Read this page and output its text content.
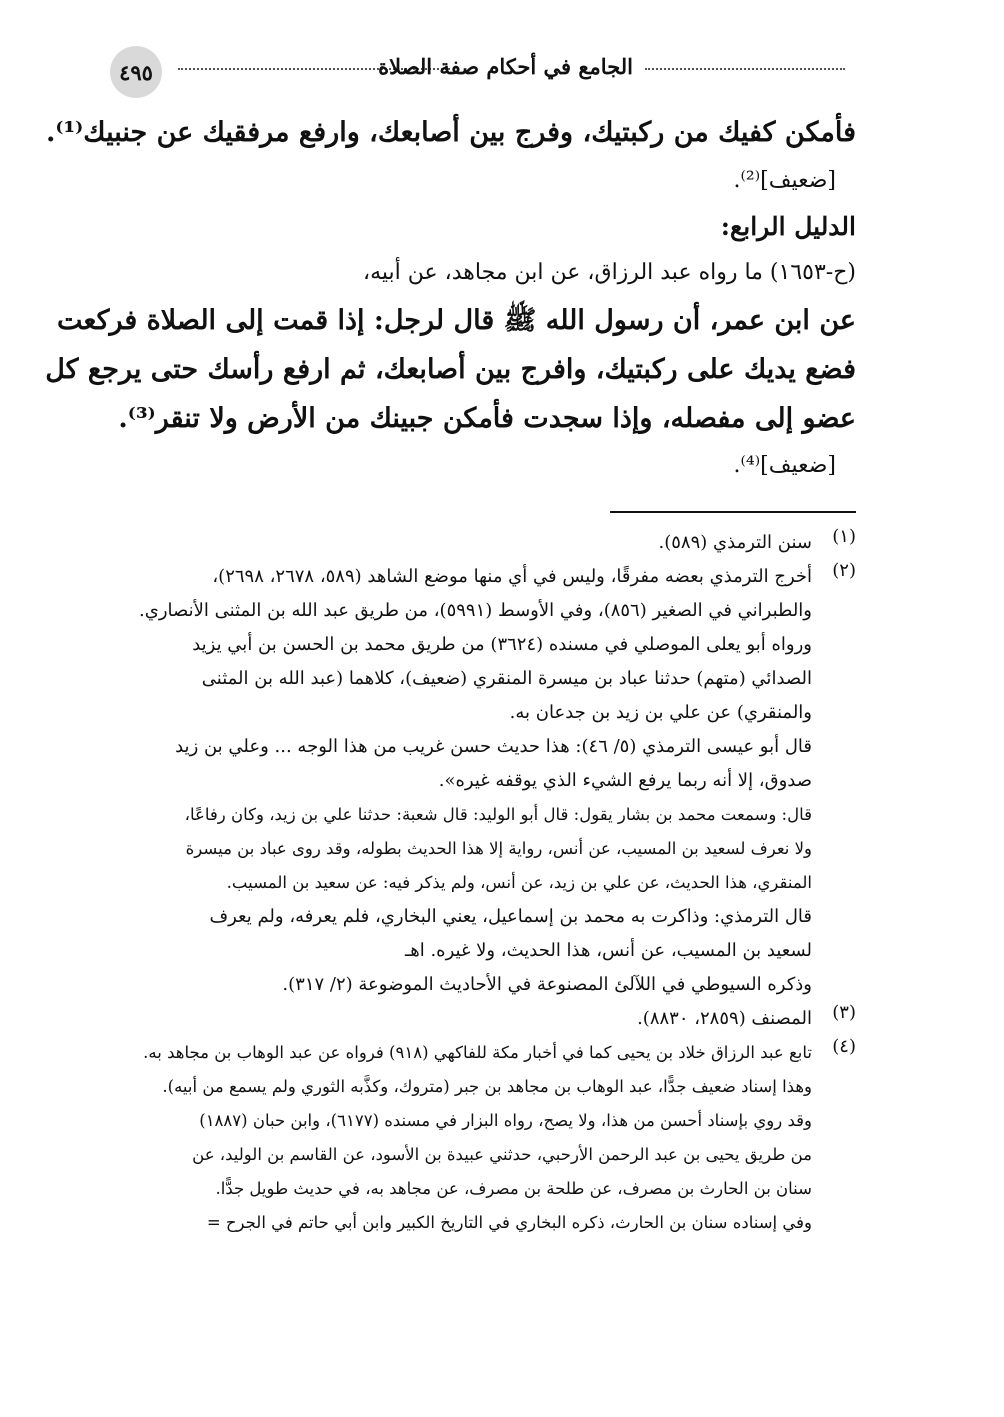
٤٩٥	الجامع في أحكام صفة الصلاة
فأمكن كفيك من ركبتيك، وفرج بين أصابعك، وارفع مرفقيك عن جنبيك⁽¹⁾.
[ضعيف]⁽²⁾.
الدليل الرابع:
(ح-١٦٥٣) ما رواه عبد الرزاق، عن ابن مجاهد، عن أبيه،
عن ابن عمر، أن رسول الله ﷺ قال لرجل: إذا قمت إلى الصلاة فركعت
فضع يديك على ركبتيك، وافرج بين أصابعك، ثم ارفع رأسك حتى يرجع كل
عضو إلى مفصله، وإذا سجدت فأمكن جبينك من الأرض ولا تنقر⁽³⁾.
[ضعيف]⁽⁴⁾.
(١)
سنن الترمذي (٥٨٩).
(٢)
أخرج الترمذي بعضه مفرقًا، وليس في أي منها موضع الشاهد (٥٨٩، ٢٦٧٨، ٢٦٩٨)،
والطبراني في الصغير (٨٥٦)، وفي الأوسط (٥٩٩١)، من طريق عبد الله بن المثنى الأنصاري.
ورواه أبو يعلى الموصلي في مسنده (٣٦٢٤) من طريق محمد بن الحسن بن أبي يزيد
الصدائي (متهم) حدثنا عباد بن ميسرة المنقري (ضعيف)، كلاهما (عبد الله بن المثنى
والمنقري) عن علي بن زيد بن جدعان به.
قال أبو عيسى الترمذي (٥/ ٤٦): هذا حديث حسن غريب من هذا الوجه ... وعلي بن زيد
صدوق، إلا أنه ربما يرفع الشيء الذي يوقفه غيره».
قال: وسمعت محمد بن بشار يقول: قال أبو الوليد: قال شعبة: حدثنا علي بن زيد، وكان رفاعًا،
ولا نعرف لسعيد بن المسيب، عن أنس، رواية إلا هذا الحديث بطوله، وقد روى عباد بن ميسرة
المنقري، هذا الحديث، عن علي بن زيد، عن أنس، ولم يذكر فيه: عن سعيد بن المسيب.
قال الترمذي: وذاكرت به محمد بن إسماعيل، يعني البخاري، فلم يعرفه، ولم يعرف
لسعيد بن المسيب، عن أنس، هذا الحديث، ولا غيره. اهـ
وذكره السيوطي في اللآلئ المصنوعة في الأحاديث الموضوعة (٢/ ٣١٧).
(٣)
المصنف (٢٨٥٩، ٨٨٣٠).
(٤)
تابع عبد الرزاق خلاد بن يحيى كما في أخبار مكة للفاكهي (٩١٨) فرواه عن عبد الوهاب بن مجاهد به.
وهذا إسناد ضعيف جدًّا، عبد الوهاب بن مجاهد بن جبر (متروك، وكذَّبه الثوري ولم يسمع من أبيه).
وقد روي بإسناد أحسن من هذا، ولا يصح، رواه البزار في مسنده (٦١٧٧)، وابن حبان (١٨٨٧)
من طريق يحيى بن عبد الرحمن الأرحبي، حدثني عبيدة بن الأسود، عن القاسم بن الوليد، عن
سنان بن الحارث بن مصرف، عن طلحة بن مصرف، عن مجاهد به، في حديث طويل جدًّا.
وفي إسناده سنان بن الحارث، ذكره البخاري في التاريخ الكبير وابن أبي حاتم في الجرح =
